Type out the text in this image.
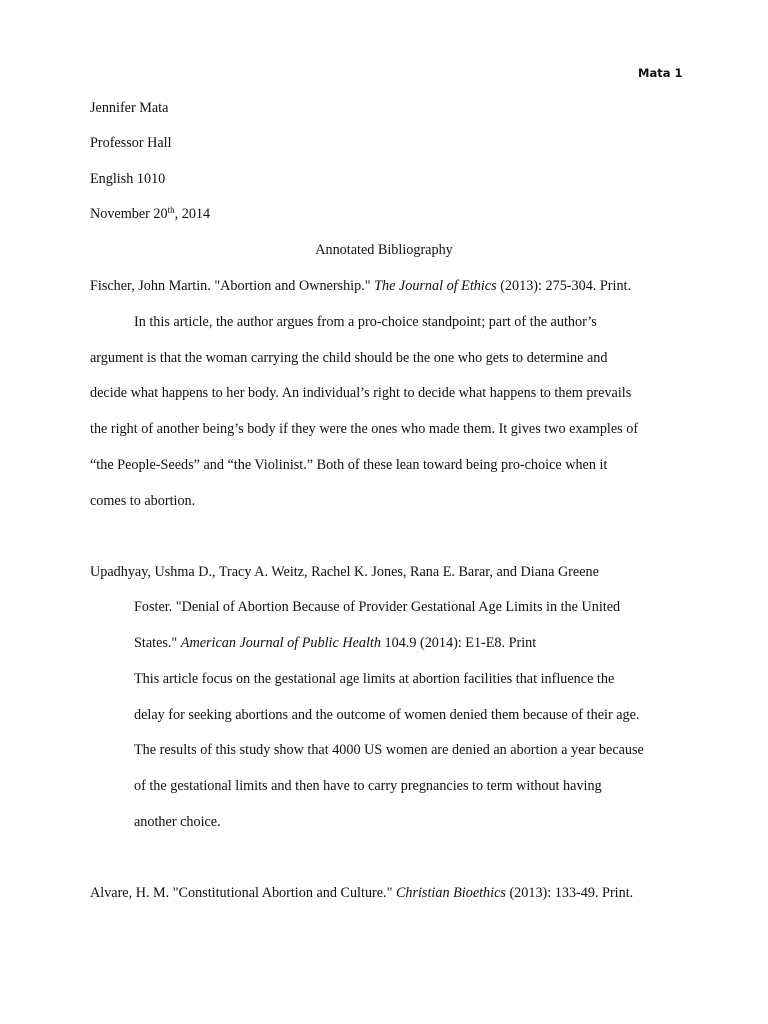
Mata 1
Jennifer Mata
Professor Hall
English 1010
November 20th, 2014
Annotated Bibliography
Fischer, John Martin. "Abortion and Ownership." The Journal of Ethics (2013): 275-304. Print.
In this article, the author argues from a pro-choice standpoint; part of the author’s
argument is that the woman carrying the child should be the one who gets to determine and
decide what happens to her body. An individual’s right to decide what happens to them prevails
the right of another being’s body if they were the ones who made them. It gives two examples of
“the People-Seeds” and “the Violinist.” Both of these lean toward being pro-choice when it
comes to abortion.
Upadhyay, Ushma D., Tracy A. Weitz, Rachel K. Jones, Rana E. Barar, and Diana Greene
Foster. "Denial of Abortion Because of Provider Gestational Age Limits in the United
States." American Journal of Public Health 104.9 (2014): E1-E8. Print
This article focus on the gestational age limits at abortion facilities that influence the
delay for seeking abortions and the outcome of women denied them because of their age.
The results of this study show that 4000 US women are denied an abortion a year because
of the gestational limits and then have to carry pregnancies to term without having
another choice.
Alvare, H. M. "Constitutional Abortion and Culture." Christian Bioethics (2013): 133-49. Print.
